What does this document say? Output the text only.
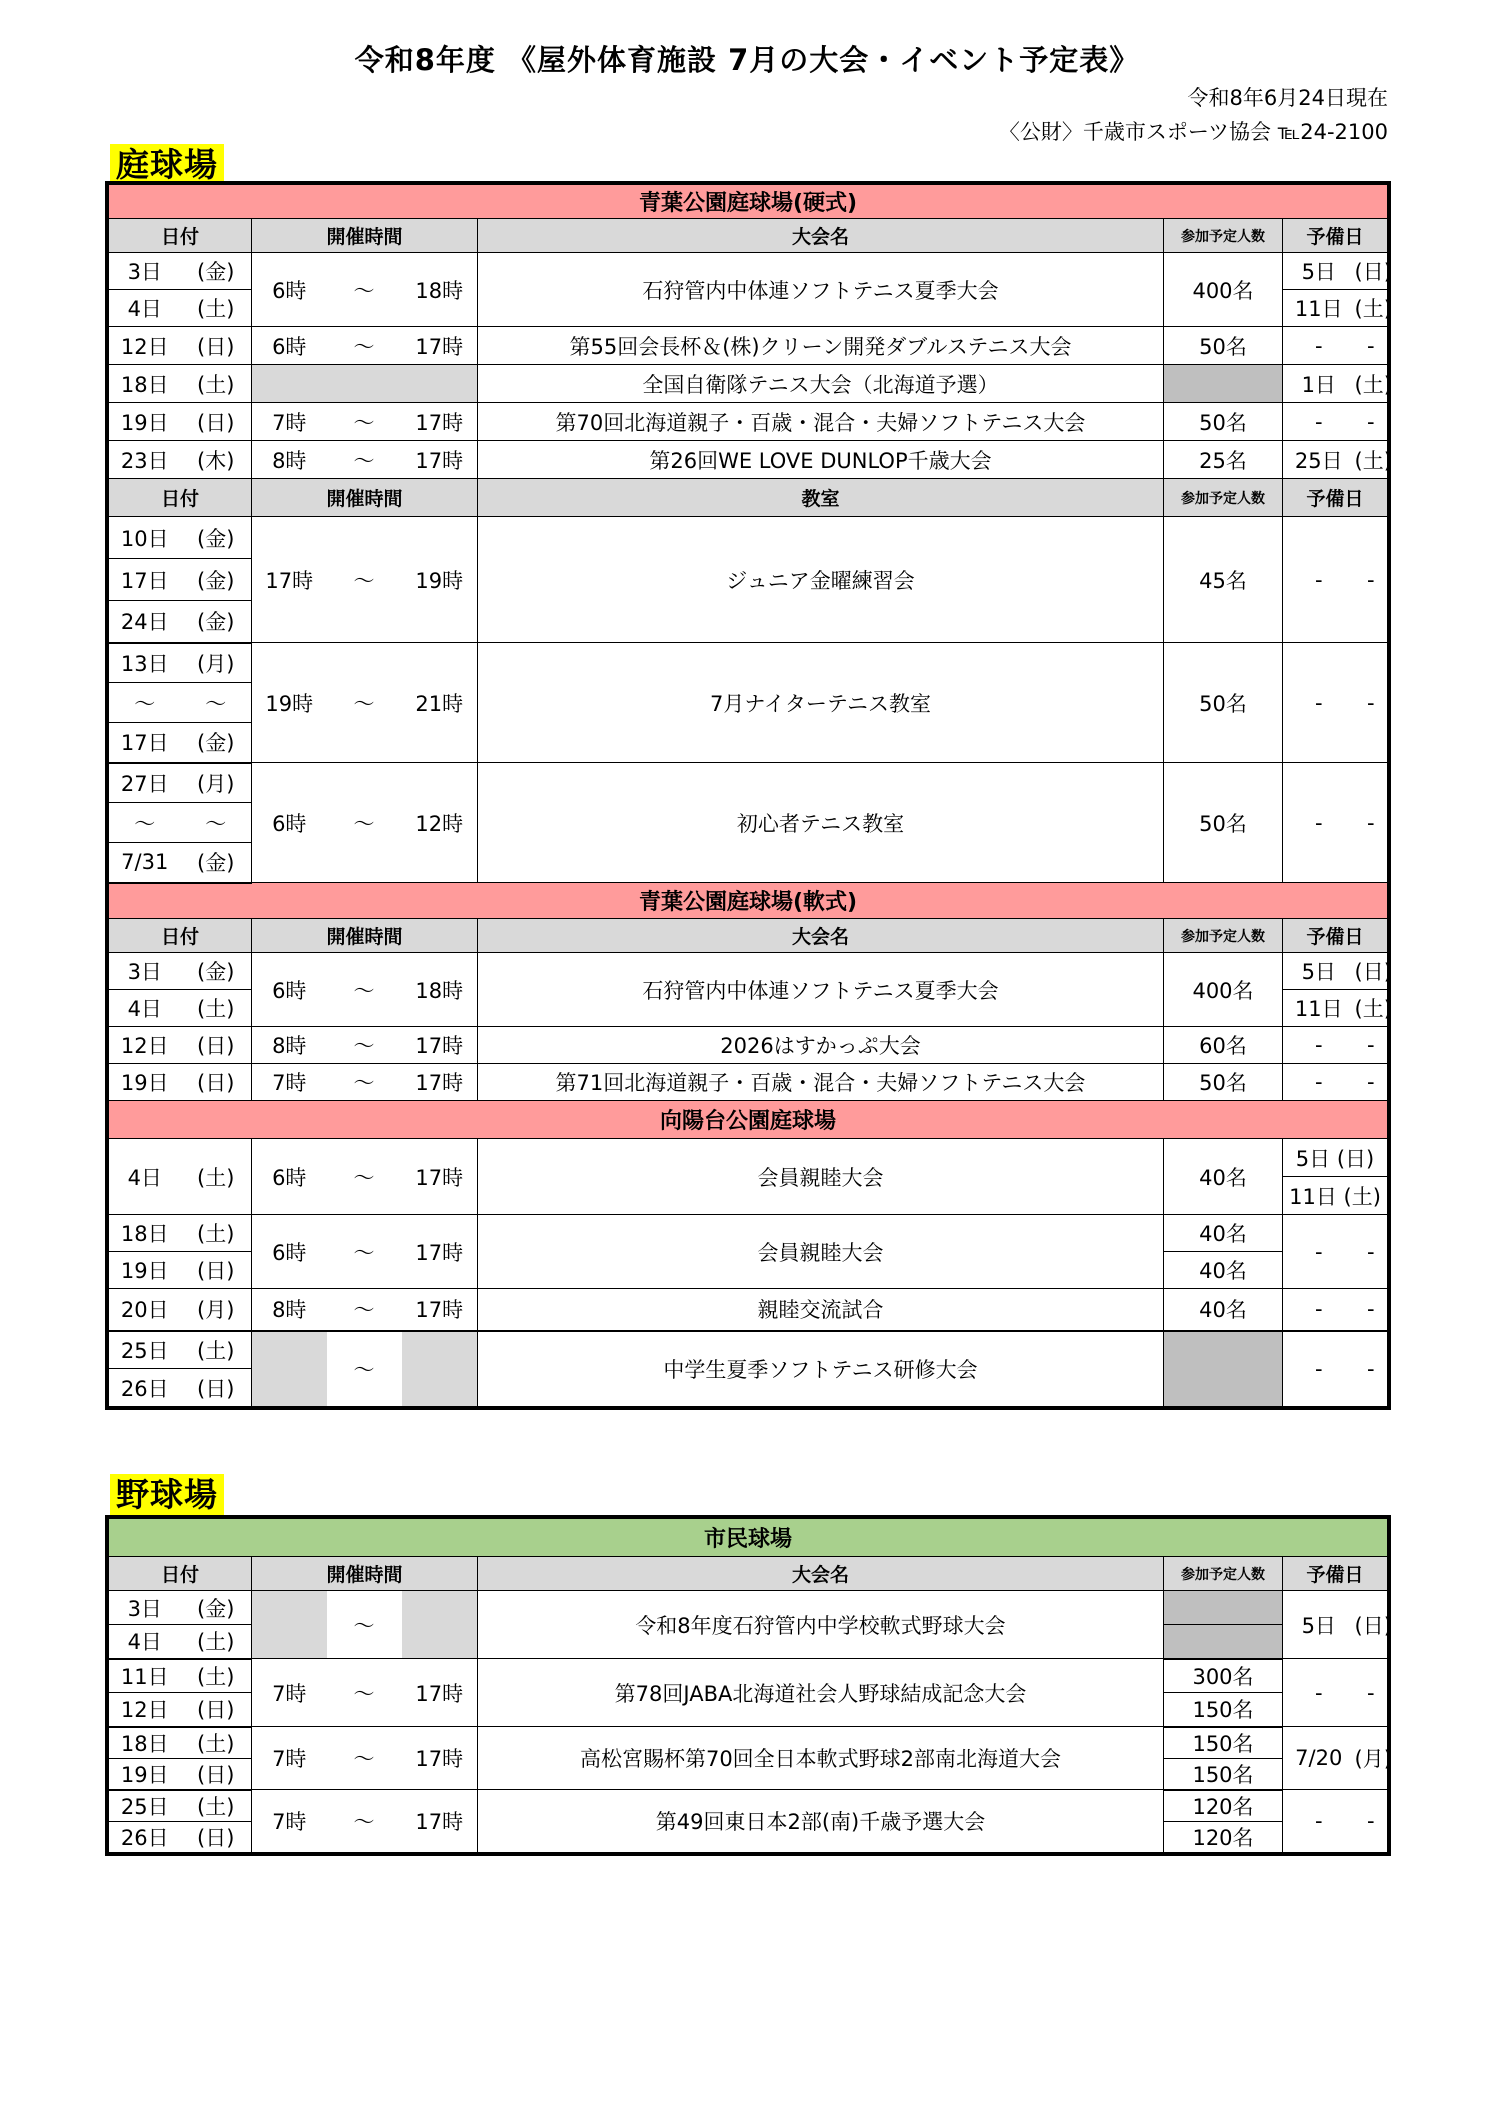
令和8年度 《屋外体育施設 7月の大会・イベント予定表》
令和8年6月24日現在
〈公財〉千歳市スポーツ協会 ℡24-2100
庭球場
青葉公園庭球場(硬式)								
日付		開催時間			大会名	参加予定人数	予備日	
3日	(金)	6時	～	18時	石狩管内中体連ソフトテニス夏季大会	400名	5日	(日)
4日	(土)						11日	(土)
12日	(日)	6時	～	17時	第55回会長杯＆(株)クリーン開発ダブルステニス大会	50名	-	-
18日	(土)				全国自衛隊テニス大会（北海道予選）		1日	(土)
19日	(日)	7時	～	17時	第70回北海道親子・百歳・混合・夫婦ソフトテニス大会	50名	-	-
23日	(木)	8時	～	17時	第26回WE LOVE DUNLOP千歳大会	25名	25日	(土)
日付		開催時間			教室	参加予定人数	予備日	
10日	(金)	17時	～	19時	ジュニア金曜練習会	45名	-	-
17日	(金)							
24日	(金)							
13日	(月)	19時	～	21時	7月ナイターテニス教室	50名	-	-
～	～							
17日	(金)							
27日	(月)	6時	～	12時	初心者テニス教室	50名	-	-
～	～							
7/31	(金)							
青葉公園庭球場(軟式)								
日付		開催時間			大会名	参加予定人数	予備日	
3日	(金)	6時	～	18時	石狩管内中体連ソフトテニス夏季大会	400名	5日	(日)
4日	(土)						11日	(土)
12日	(日)	8時	～	17時	2026はすかっぷ大会	60名	-	-
19日	(日)	7時	～	17時	第71回北海道親子・百歳・混合・夫婦ソフトテニス大会	50名	-	-
向陽台公園庭球場								
4日	(土)	6時	～	17時	会員親睦大会	40名	5日 (日)	
							11日 (土)	
18日	(土)	6時	～	17時	会員親睦大会	40名	-	-
19日	(日)					40名		
20日	(月)	8時	～	17時	親睦交流試合	40名	-	-
25日	(土)		～		中学生夏季ソフトテニス研修大会		-	-
26日	(日)							
野球場
市民球場								
日付		開催時間			大会名	参加予定人数	予備日	
3日	(金)		～		令和8年度石狩管内中学校軟式野球大会		5日	(日)
4日	(土)							
11日	(土)	7時	～	17時	第78回JABA北海道社会人野球結成記念大会	300名	-	-
12日	(日)					150名		
18日	(土)	7時	～	17時	高松宮賜杯第70回全日本軟式野球2部南北海道大会	150名	7/20	(月)
19日	(日)					150名		
25日	(土)	7時	～	17時	第49回東日本2部(南)千歳予選大会	120名	-	-
26日	(日)					120名		
